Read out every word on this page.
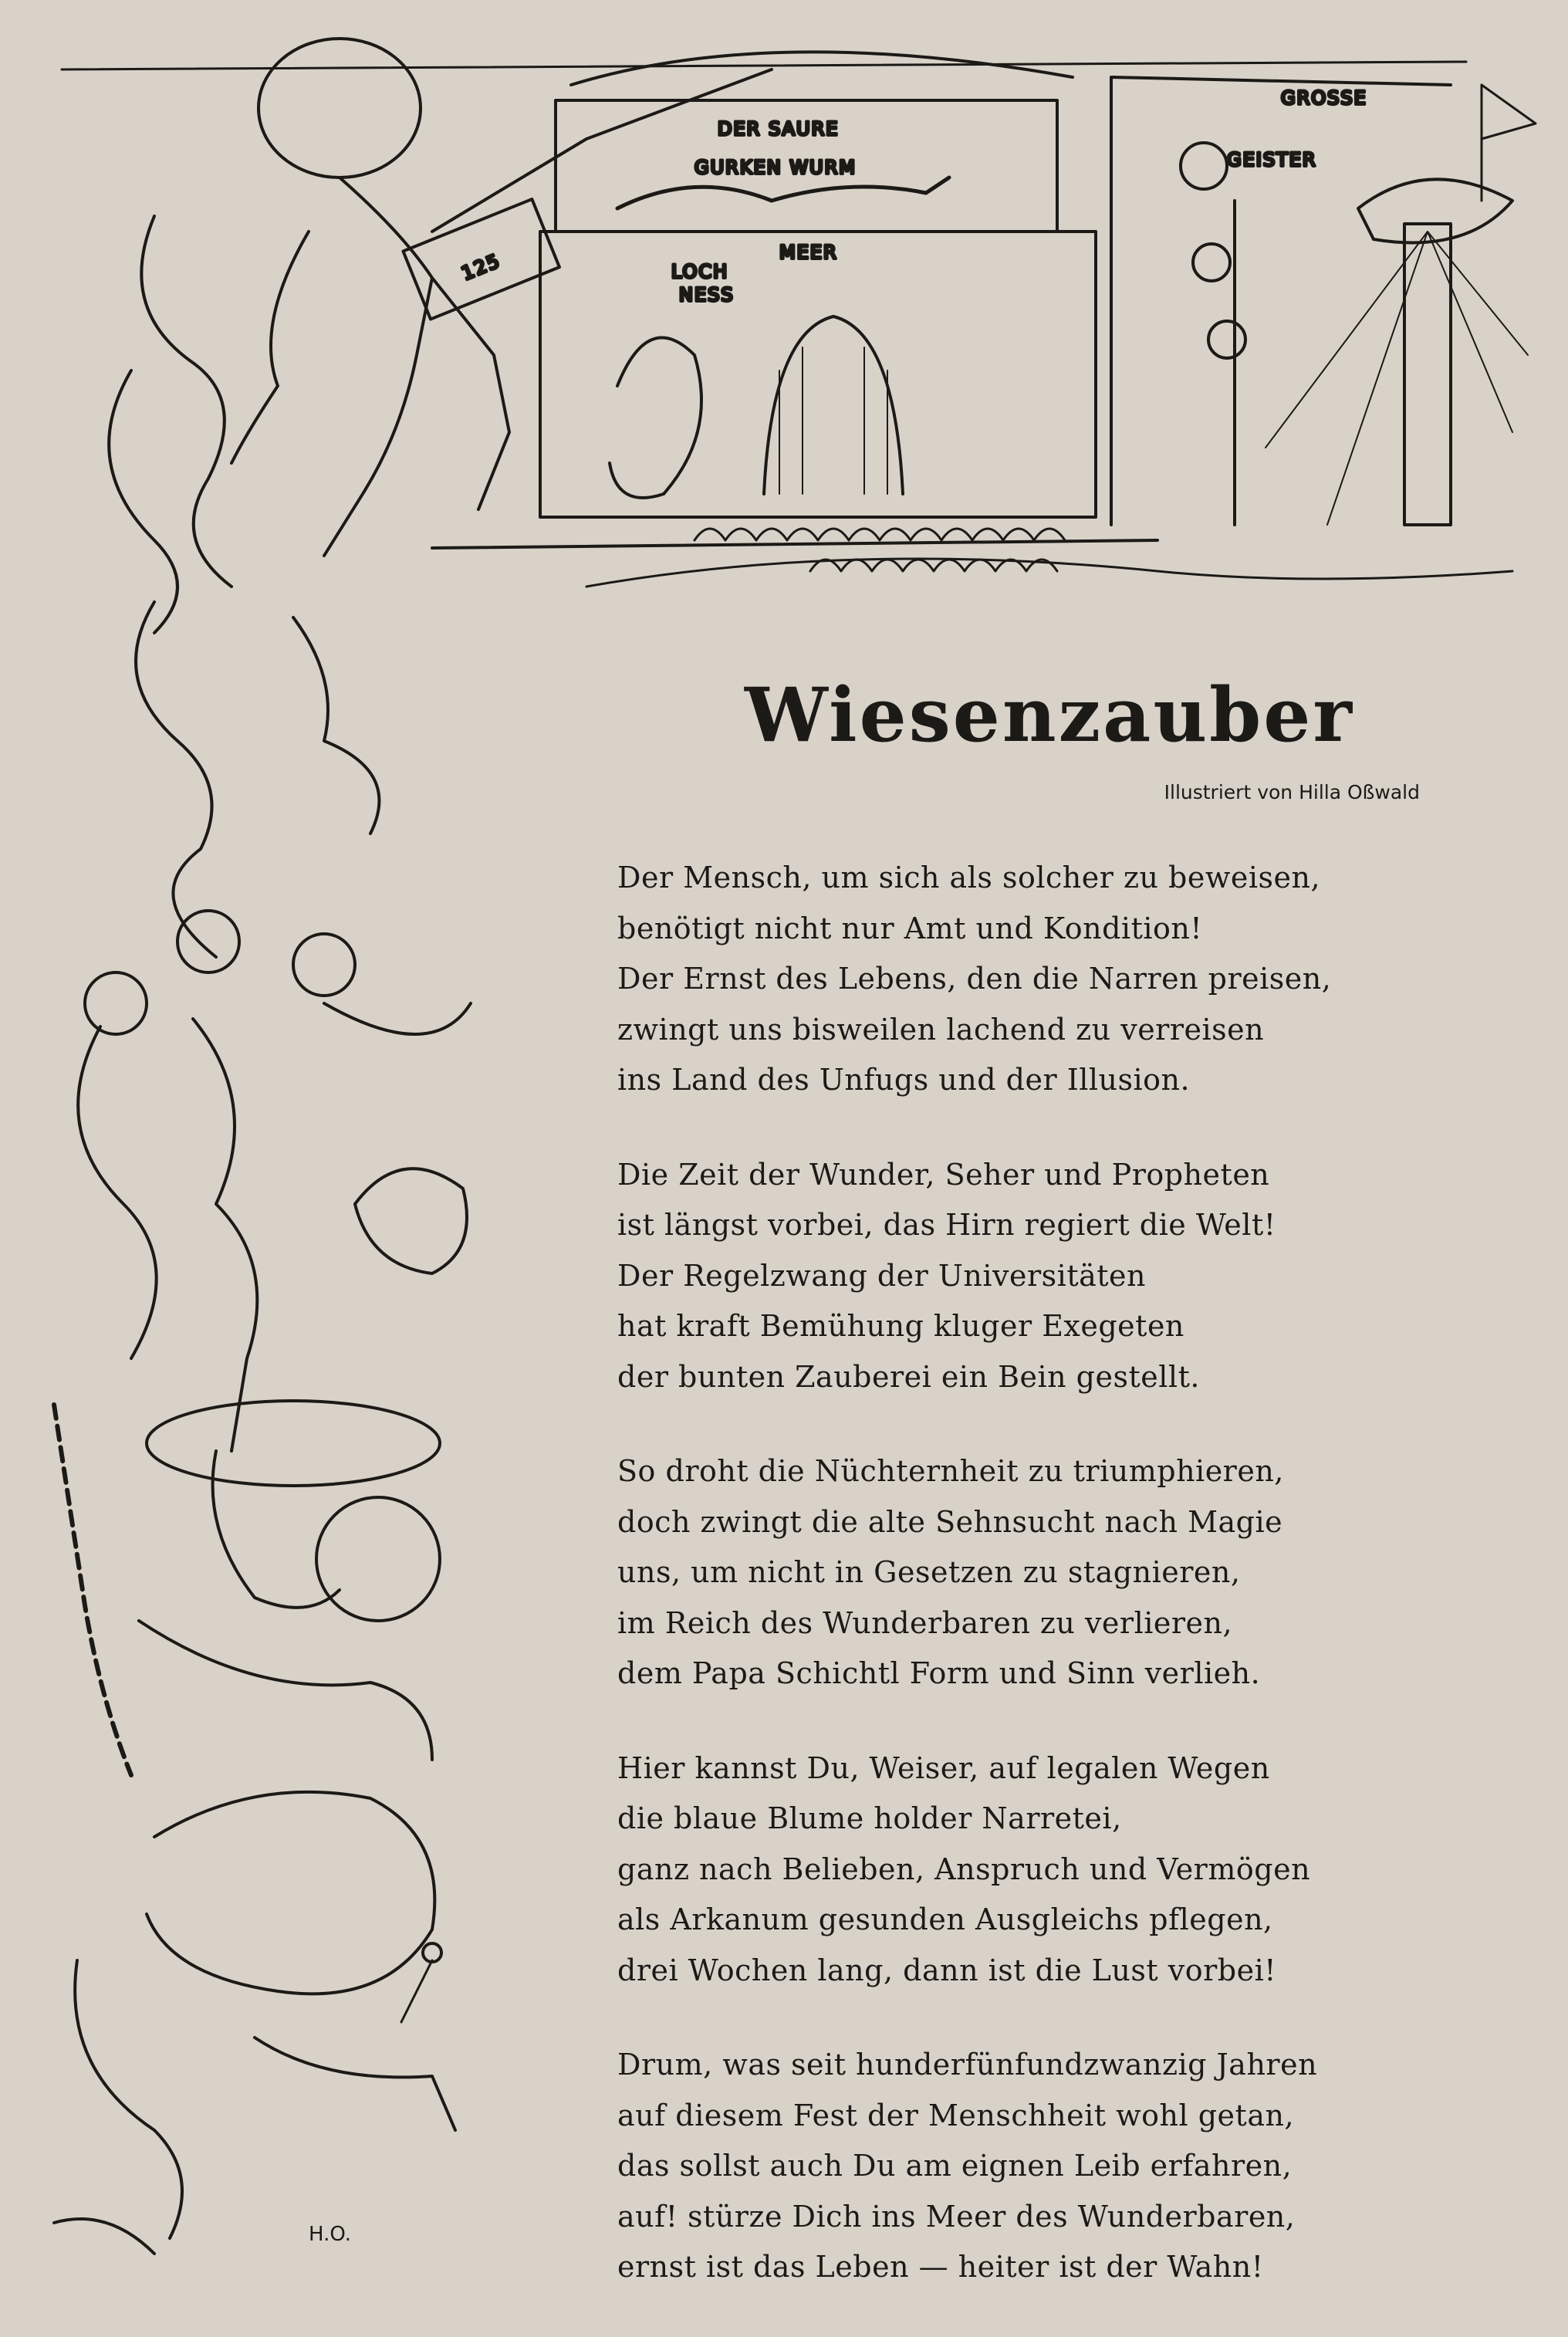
DER SAURE
GURKEN WURM
GROSSE
GEISTER
LOCH
NESS
MEER
125
Wiesenzauber
Illustriert von Hilla Oßwald
Der Mensch, um sich als solcher zu beweisen,
benötigt nicht nur Amt und Kondition!
Der Ernst des Lebens, den die Narren preisen,
zwingt uns bisweilen lachend zu verreisen
ins Land des Unfugs und der Illusion.
Die Zeit der Wunder, Seher und Propheten
ist längst vorbei, das Hirn regiert die Welt!
Der Regelzwang der Universitäten
hat kraft Bemühung kluger Exegeten
der bunten Zauberei ein Bein gestellt.
So droht die Nüchternheit zu triumphieren,
doch zwingt die alte Sehnsucht nach Magie
uns, um nicht in Gesetzen zu stagnieren,
im Reich des Wunderbaren zu verlieren,
dem Papa Schichtl Form und Sinn verlieh.
Hier kannst Du, Weiser, auf legalen Wegen
die blaue Blume holder Narretei,
ganz nach Belieben, Anspruch und Vermögen
als Arkanum gesunden Ausgleichs pflegen,
drei Wochen lang, dann ist die Lust vorbei!
Drum, was seit hunderfünfundzwanzig Jahren
auf diesem Fest der Menschheit wohl getan,
das sollst auch Du am eignen Leib erfahren,
auf! stürze Dich ins Meer des Wunderbaren,
ernst ist das Leben — heiter ist der Wahn!
H.O.
